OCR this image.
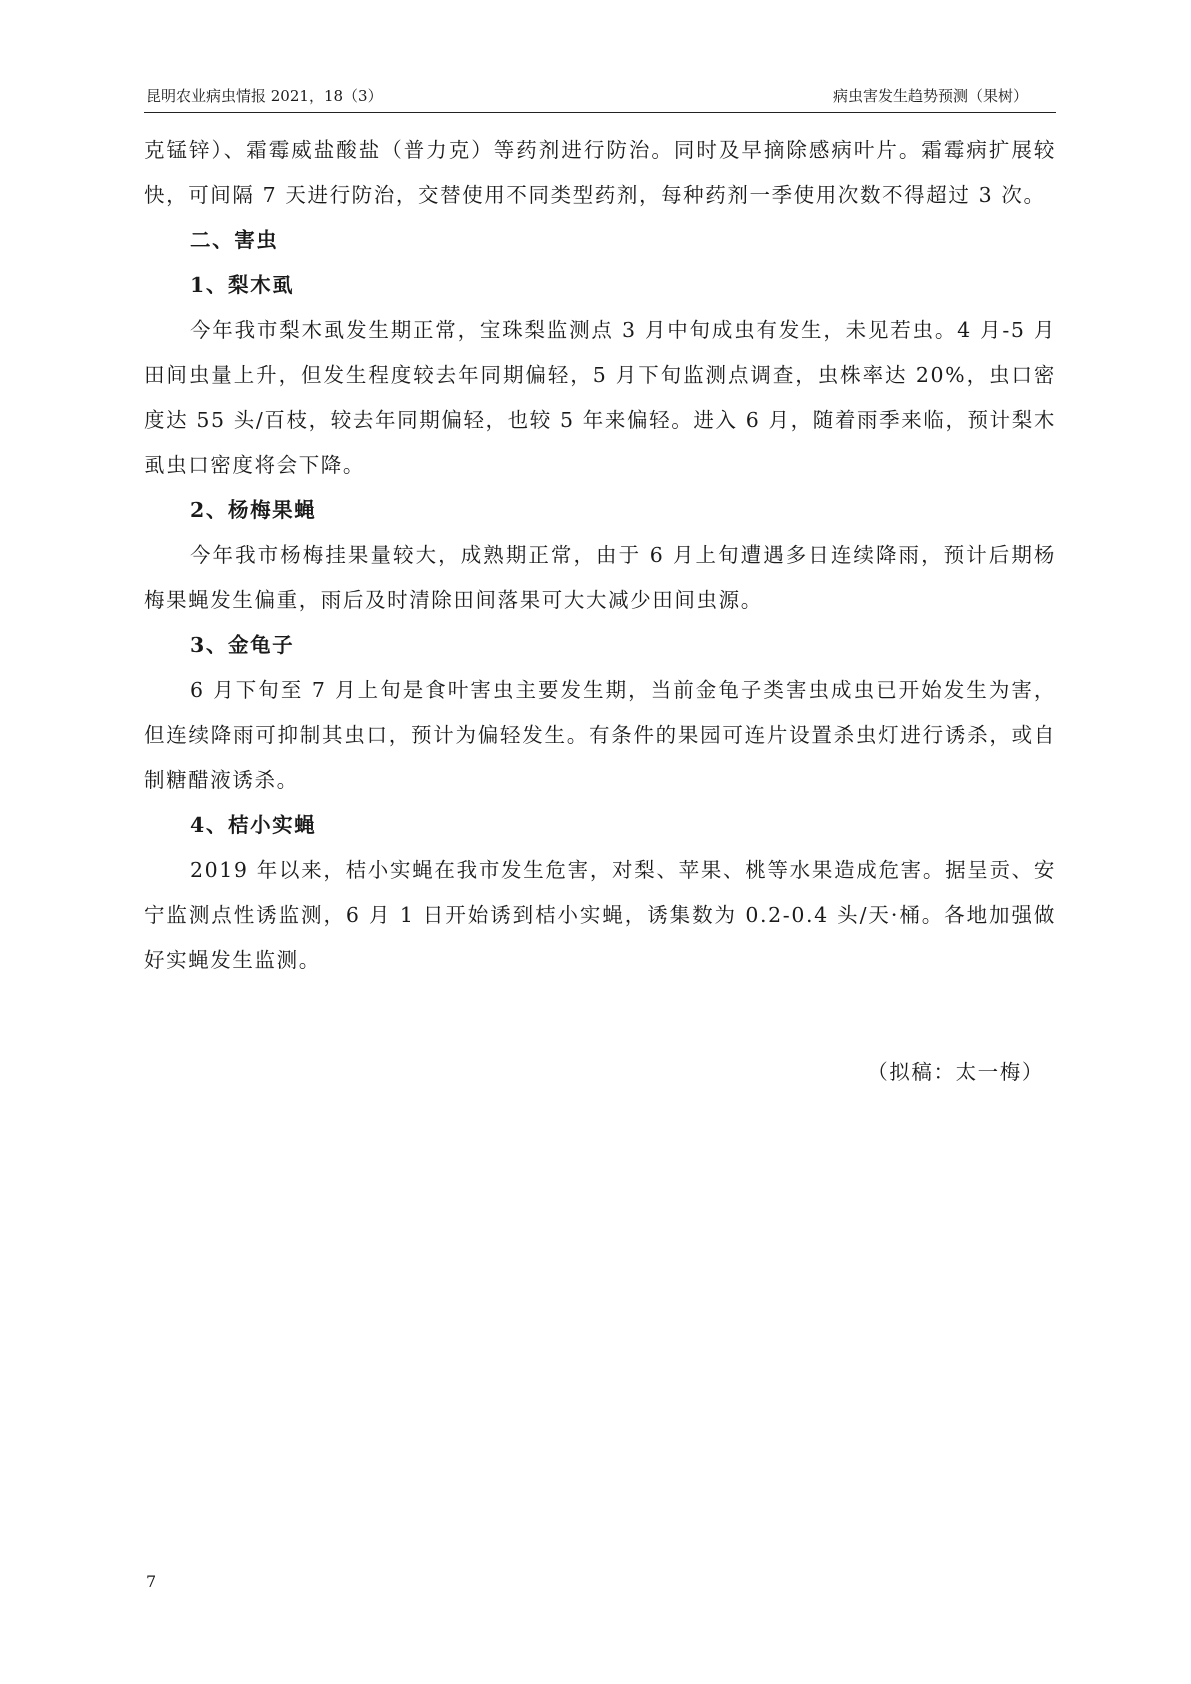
昆明农业病虫情报 2021，18（3）	病虫害发生趋势预测（果树）

克锰锌）、霜霉威盐酸盐（普力克）等药剂进行防治。同时及早摘除感病叶片。霜霉病扩展较快，可间隔 7 天进行防治，交替使用不同类型药剂，每种药剂一季使用次数不得超过 3 次。

二、害虫

1、梨木虱

今年我市梨木虱发生期正常，宝珠梨监测点 3 月中旬成虫有发生，未见若虫。4 月-5 月田间虫量上升，但发生程度较去年同期偏轻，5 月下旬监测点调查，虫株率达 20%，虫口密度达 55 头/百枝，较去年同期偏轻，也较 5 年来偏轻。进入 6 月，随着雨季来临，预计梨木虱虫口密度将会下降。

2、杨梅果蝇

今年我市杨梅挂果量较大，成熟期正常，由于 6 月上旬遭遇多日连续降雨，预计后期杨梅果蝇发生偏重，雨后及时清除田间落果可大大减少田间虫源。

3、金龟子

6 月下旬至 7 月上旬是食叶害虫主要发生期，当前金龟子类害虫成虫已开始发生为害，但连续降雨可抑制其虫口，预计为偏轻发生。有条件的果园可连片设置杀虫灯进行诱杀，或自制糖醋液诱杀。

4、桔小实蝇

2019 年以来，桔小实蝇在我市发生危害，对梨、苹果、桃等水果造成危害。据呈贡、安宁监测点性诱监测，6 月 1 日开始诱到桔小实蝇，诱集数为 0.2-0.4 头/天·桶。各地加强做好实蝇发生监测。

（拟稿：太一梅）

7
